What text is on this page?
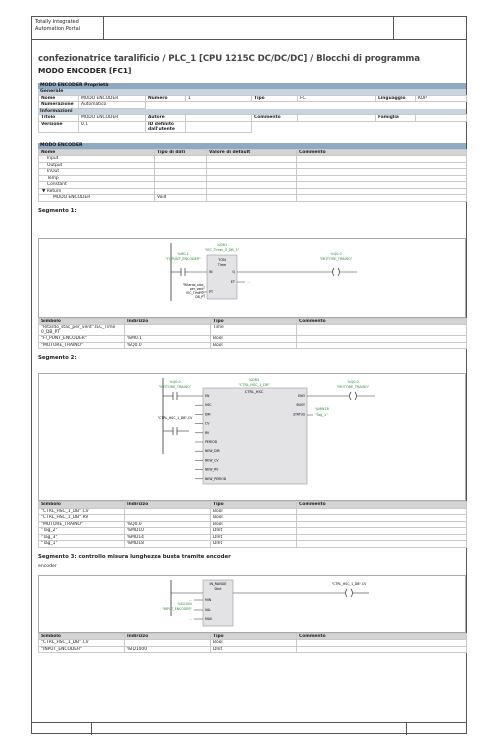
Totally Integrated
Automation Portal
confezionatrice taralificio / PLC_1 [CPU 1215C DC/DC/DC] / Blocchi di programma
MODO ENCODER [FC1]
MODO ENCODER Proprietà
Generale
Nome	MODO ENCODER	Numero	1	Tipo	FC	Linguaggio	KOP
Numerazione	Automatico						
Informazioni
Titolo	MODO ENCODER	Autore		Commento		Famiglia	
Versione	0.1	ID definito dall'utente					
MODO ENCODER
Nome	Tipo di dati	Valore di default	Commento
Input			
Output			
InOut			
Temp			
Constant			
▼ Return			
MODO ENCODER	Void		
Segmento 1:
%M0.1
"FI_PUNT_ENCODER"
%DB1
"IEC_Timer_0_DB_1"
TON
Time
IN
PT
Q
ET	...
"Ritardo_stac_ per_vent" IEC_Time 0_ DB_PT
%Q0.0
"MOTORE_TRAINO"
Simbolo	Indirizzo	Tipo	Commento
"Ritardo_stac_per_vent".IEC_Time 0_DB_PT		Time	
"FI_PUNT_ENCODER"	%M0.1	Bool	
"MOTORE_TRAINO"	%Q0.0	Bool	
Segmento 2:
%Q0.0
"MOTORE_TRAINO"
"CTRL_HSC_1_DB".CV
%DB3
"CTRL_HSC_1_DB"
CTRL_HSC
EN
HSC
DIR
CV
RV
PERIOD
NEW_DIR
NEW_CV
NEW_RV
NEW_PERIOD
ENO
BUSY
STATUS
%Q0.0
"MOTORE_TRAINO"
%MW18
"Tag_1"
Simbolo	Indirizzo	Tipo	Commento
"CTRL_HSC_1_DB".CV		Bool	
"CTRL_HSC_1_DB".RV		Bool	
"MOTORE_TRAINO"	%Q0.0	Bool	
"Tag_2"	%MD10	DInt	
"Tag_3"	%MD14	DInt	
"Tag_1"	%MD18	DInt	
Segmento 3: controllo misura lunghezza busta tramite encoder
encoder
IN_RANGE
DInt
MIN
VAL
MAX
...
%ID1000
"INPUT_ENCODER"
...
"CTRL_HSC_1_DB".CV
Simbolo	Indirizzo	Tipo	Commento
"CTRL_HSC_1_DB".CV		Bool	
"INPUT_ENCODER"	%ID1000	DInt	
